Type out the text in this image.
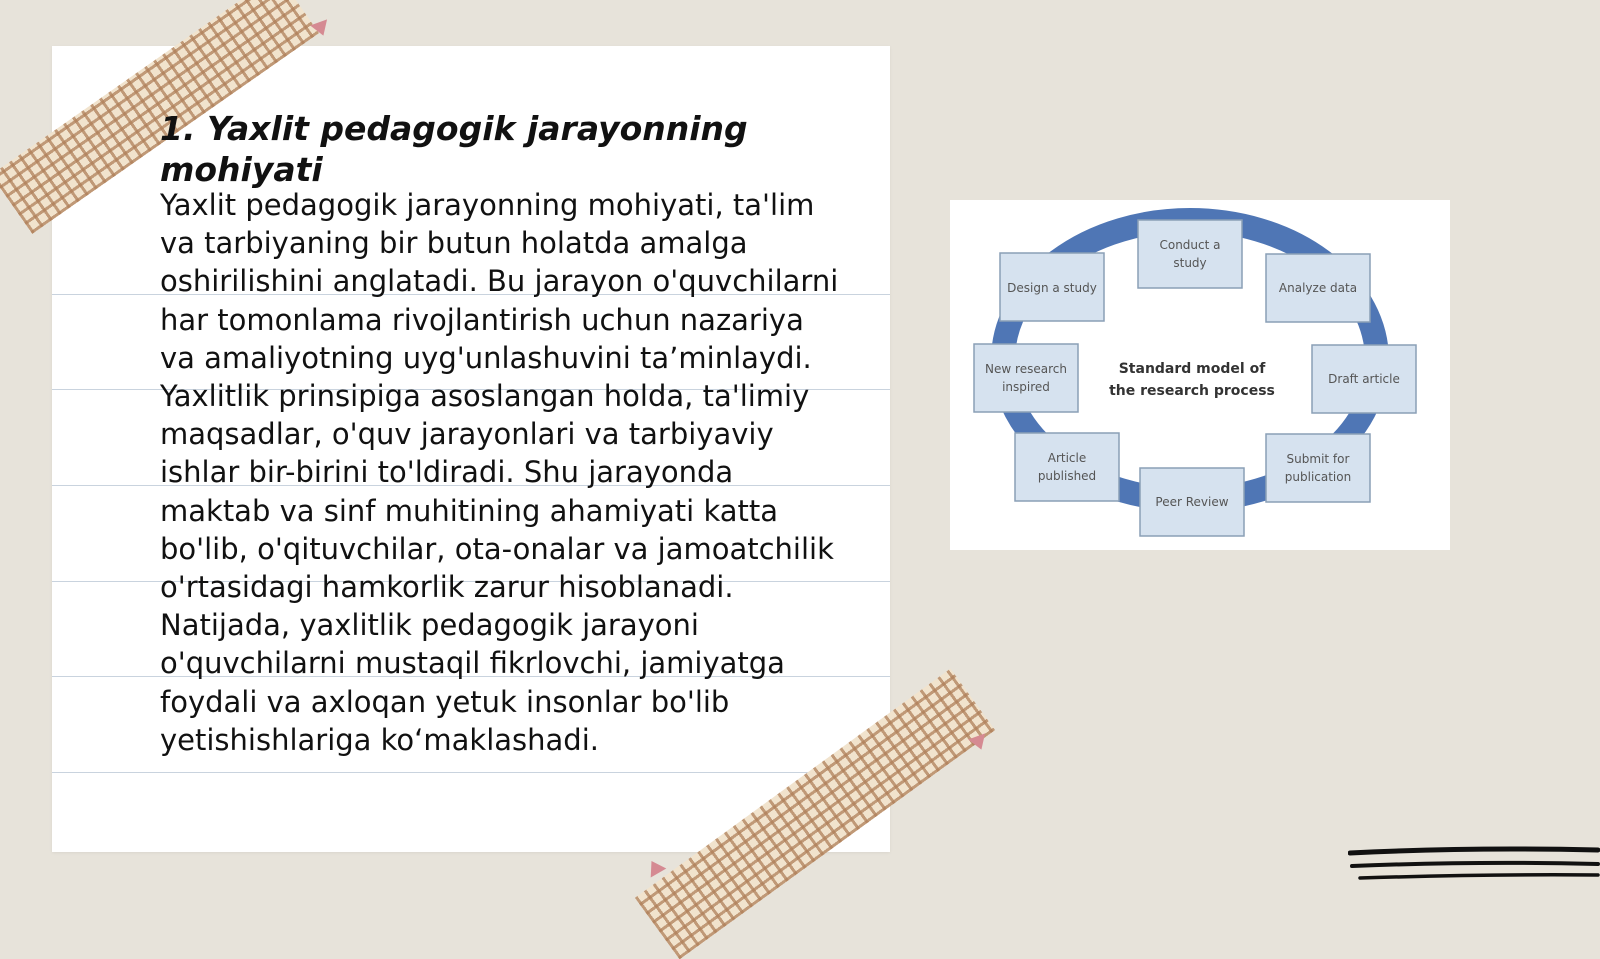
1. Yaxlit pedagogik jarayonning mohiyati
Yaxlit pedagogik jarayonning mohiyati, ta'lim va tarbiyaning bir butun holatda amalga oshirilishini anglatadi. Bu jarayon o'quvchilarni har tomonlama rivojlantirish uchun nazariya va amaliyotning uyg'unlashuvini ta’minlaydi. Yaxlitlik prinsipiga asoslangan holda, ta'limiy maqsadlar, o'quv jarayonlari va tarbiyaviy ishlar bir-birini to'ldiradi. Shu jarayonda maktab va sinf muhitining ahamiyati katta bo'lib, o'qituvchilar, ota-onalar va jamoatchilik o'rtasidagi hamkorlik zarur hisoblanadi. Natijada, yaxlitlik pedagogik jarayoni o'quvchilarni mustaqil fikrlovchi, jamiyatga foydali va axloqan yetuk insonlar bo'lib yetishishlariga ko‘maklashadi.
Standard model of
the research process
Conduct a
study
Analyze data
Draft article
Submit for
publication
Peer Review
Article
published
New research
inspired
Design a study
